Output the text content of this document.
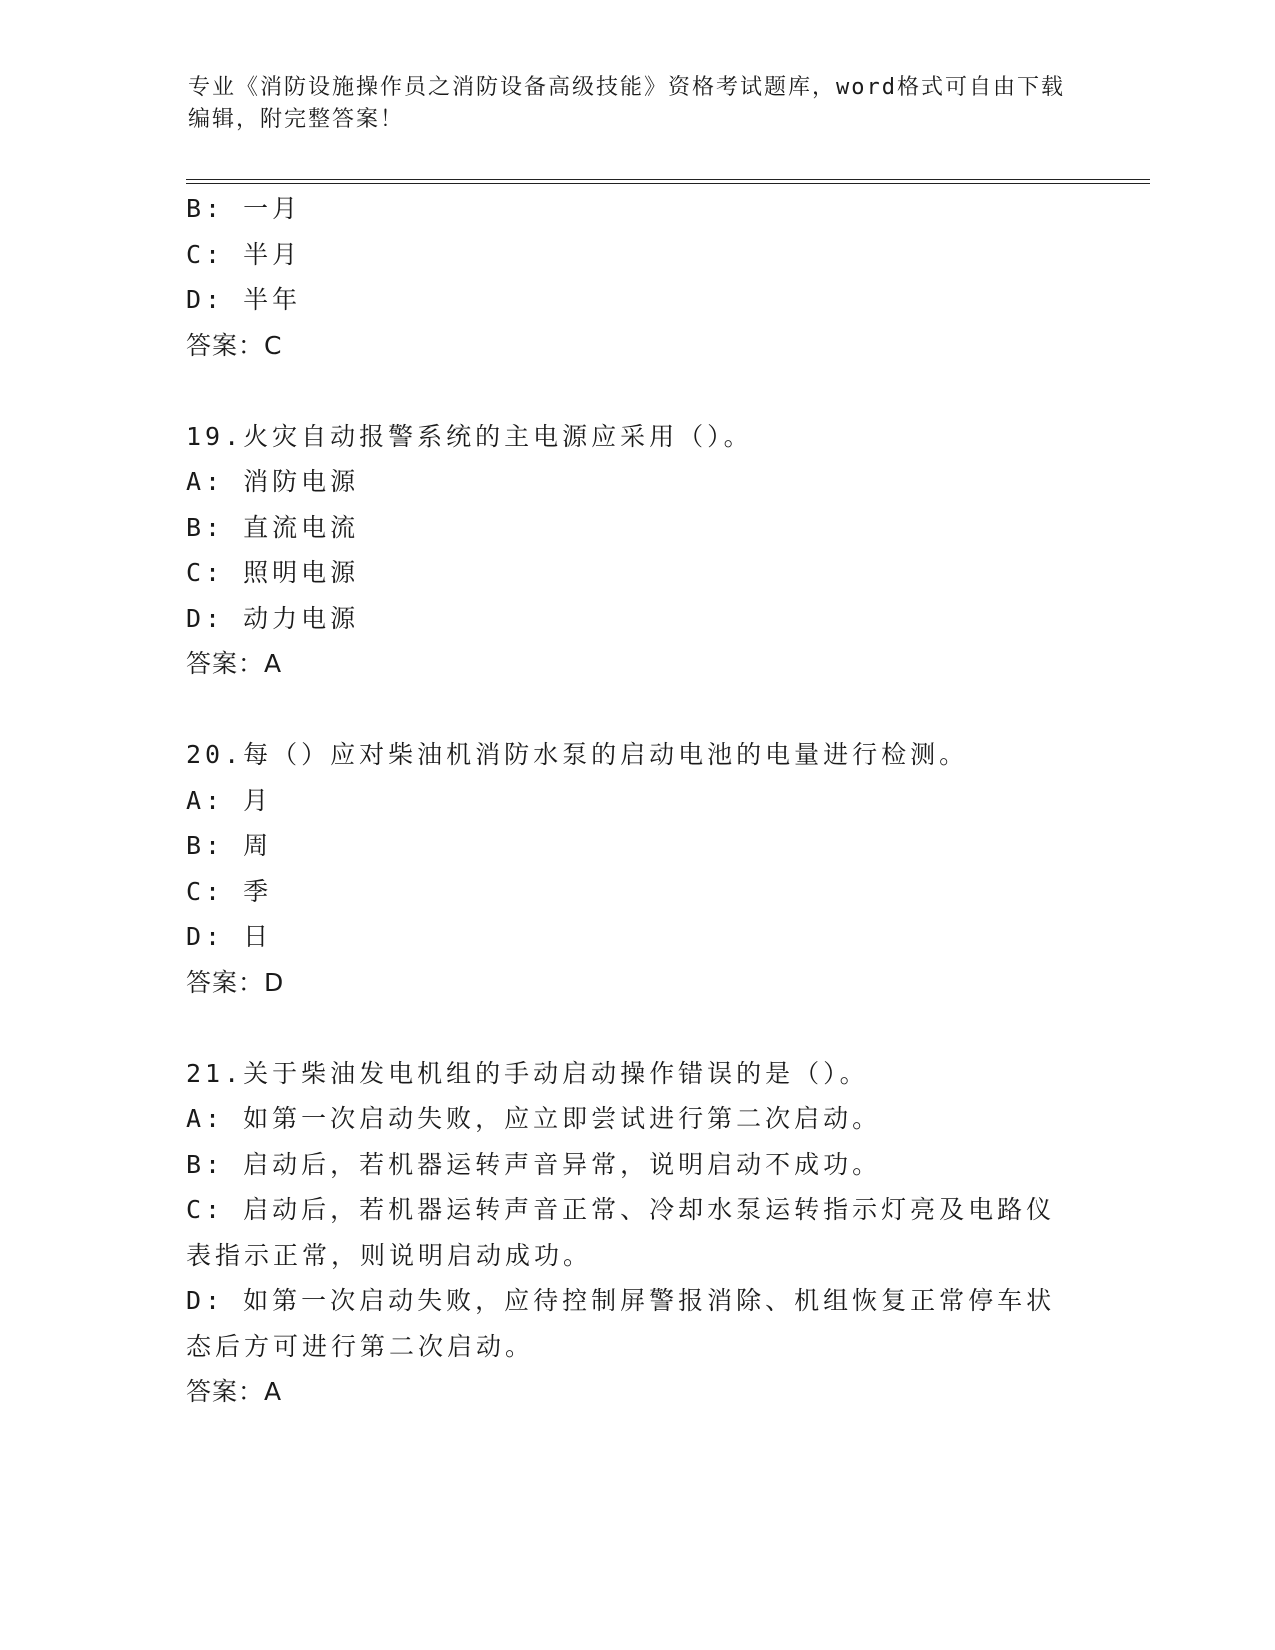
专业《消防设施操作员之消防设备高级技能》资格考试题库，word格式可自由下载编辑，附完整答案！
B: 一月
C: 半月
D: 半年
答案：C
19.火灾自动报警系统的主电源应采用（）。
A: 消防电源
B: 直流电流
C: 照明电源
D: 动力电源
答案：A
20.每（）应对柴油机消防水泵的启动电池的电量进行检测。
A: 月
B: 周
C: 季
D: 日
答案：D
21.关于柴油发电机组的手动启动操作错误的是（）。
A: 如第一次启动失败，应立即尝试进行第二次启动。
B: 启动后，若机器运转声音异常，说明启动不成功。
C: 启动后，若机器运转声音正常、冷却水泵运转指示灯亮及电路仪表指示正常，则说明启动成功。
D: 如第一次启动失败，应待控制屏警报消除、机组恢复正常停车状态后方可进行第二次启动。
答案：A
